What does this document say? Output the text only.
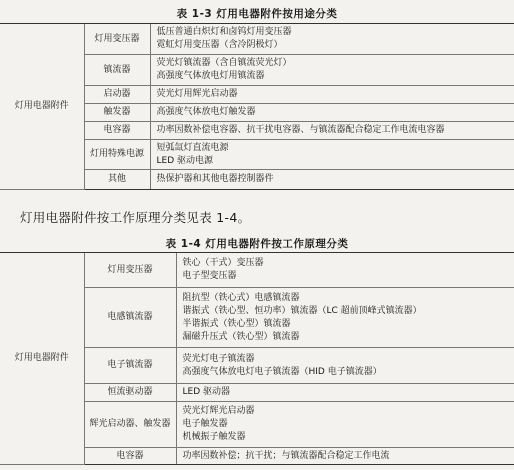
表 1-3 灯用电器附件按用途分类
灯用电器附件	灯用变压器	低压普通白炽灯和卤钨灯用变压器
霓虹灯用变压器（含冷阴极灯）

	镇流器	荧光灯镇流器（含自镇流荧光灯）
高强度气体放电灯用镇流器

	启动器	荧光灯用辉光启动器

	触发器	高强度气体放电灯触发器

	电容器	功率因数补偿电容器、抗干扰电容器、与镇流器配合稳定工作电流电容器

	灯用特殊电源	短弧氙灯直流电源
LED 驱动电源

	其他	热保护器和其他电器控制器件
灯用电器附件按工作原理分类见表 1-4。
表 1-4 灯用电器附件按工作原理分类
灯用电器附件	灯用变压器	铁心（干式）变压器
电子型变压器

	电感镇流器	阻抗型（铁心式）电感镇流器
谐振式（铁心型、恒功率）镇流器（LC 超前顶峰式镇流器）
半谐振式（铁心型）镇流器
漏磁升压式（铁心型）镇流器

	电子镇流器	荧光灯电子镇流器
高强度气体放电灯电子镇流器（HID 电子镇流器）

	恒流驱动器	LED 驱动器

	辉光启动器、触发器	荧光灯辉光启动器
电子触发器
机械振子触发器

	电容器	功率因数补偿；抗干扰；与镇流器配合稳定工作电流
